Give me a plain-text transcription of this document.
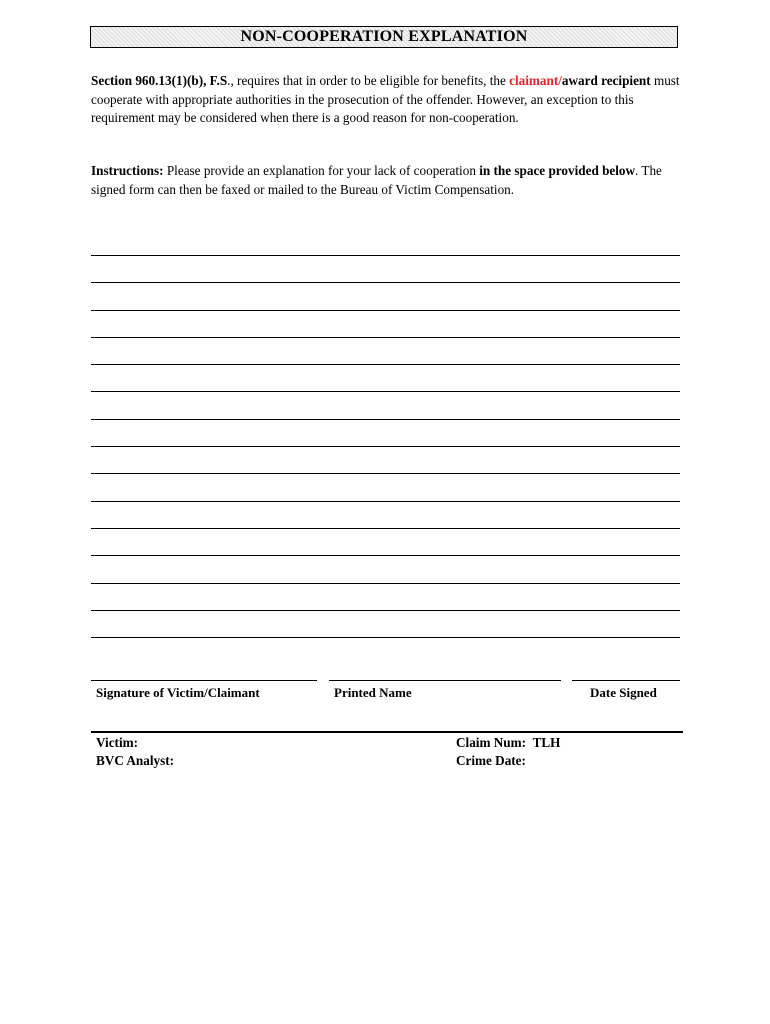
NON-COOPERATION EXPLANATION
Section 960.13(1)(b), F.S., requires that in order to be eligible for benefits, the claimant/award recipient must cooperate with appropriate authorities in the prosecution of the offender. However, an exception to this requirement may be considered when there is a good reason for non-cooperation.
Instructions: Please provide an explanation for your lack of cooperation in the space provided below. The signed form can then be faxed or mailed to the Bureau of Victim Compensation.
Signature of Victim/Claimant	Printed Name	Date Signed
Victim:
BVC Analyst:
Claim Num: TLH
Crime Date:
